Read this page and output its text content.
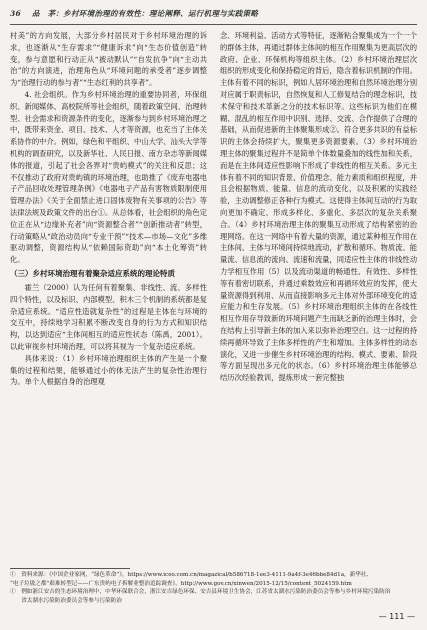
36 品　茅：乡村环境治理的有效性：理论阐释、运行机理与实践策略

村美”的方向发展，大部分乡村居民对于乡村环境治理的诉求，也逐渐从“生存需求”“健康诉求”向“生态价值创造”转变，参与意愿和行动正从“被动默认”“自发抗争”向“主动共治”的方向演进，治理角色从“环境问题的承受者”逐步调整为“治理行动的参与者”“生态红利的共享者”。

4. 社会组织。作为乡村环境治理的重要协同者，环保组织、新闻媒体、高校院所等社会组织，随着政策空间、治理转型、社会需求和资源条件的变化，逐渐参与到乡村环境治理之中，既带来资金、项目、技术、人才等资源，也充当了主体关系协作的中介。例如，绿色和平组织、中山大学、汕头大学等机构的调查研究，以及新华社、人民日报、南方杂志等新闻媒体的报道，引起了社会各界对“贵屿模式”的关注和反思；这不仅推动了政府对贵屿镇的环境治理，也助推了《废弃电器电子产品回收处理管理条例》《电器电子产品有害物质限制使用管理办法》《关于全面禁止进口固体废物有关事项的公告》等法律法规及政策文件的出台①。从总体看，社会组织的角色定位正在从“边缘补充者”向“资源整合者”“创新推动者”转型，行动策略从“政治动员向“专业干预”“技术—市场—文化”多维驱动调整，资源结构从“依赖国际资助”向“本土化筹资”转化。

（三）乡村环境治理有着聚杂适应系统的理论特质

霍兰（2000）认为任何有着聚集、非线性、流、多样性四个特性，以及标识、内部模型、积木三个机制的系统都是复杂适应系统。“适应性造就复杂性”的过程是主体在与环境的交互中，持续地学习积累不断改变自身的行为方式和知识结构，以达到适应“主体间相互的适应性状态（陈禹，2001）。以此审视乡村环境治理，可以将其视为一个复杂适应系统。

具体来说：（1）乡村环境治理组织主体的产生是一个聚集的过程和结果，能够通过小的体无法产生的复杂性治理行为。单个人根据自身的治理观

念、环境利益、活动方式等特征，逐渐粘合聚集成为一个一个的群体主体，再通过群体主体间的相互作用聚集为更高层次的政府、企业、环保机构等组织主体。（2）乡村环境治理层次组织的形成变化和保持稳定的背后，隐含着标识机制的作用。主体有着不同的标识，例如人居环境治理和自然环境治理分别对应属于职责标识，自然恢复和人工修复结合的理念标识，技术保守和技术革新之分的技术标识等。这些标识为他们在模糊、混乱的相互作用中识别、选择、交流、合作提供了合理的基础，从而促进新的主体聚集形成②。符合更多共识的有益标识的主体会持续扩大，聚集更多资源要素。（3）乡村环境治理主体的聚集过程并不是简单个体数量叠加的线性加和关系，而是在主体间适应性影响下形成了非线性的相互关系。多元主体有着不同的知识背景、价值理念、能力素质和组织程度，并且会根据物质、能量、信息的流动变化，以及积累的实践经验，主动调整修正各种行为模式。这使得主体间互动的行为取向更加不确定、形成多样化、多重化、多层次的复杂关系聚合。（4）乡村环境治理主体的聚集互动形成了结构紧密的治理网络。在这一网络中有着大量的资源，通过某种相互作用在主体间、主体与环境间持续地流动，扩散和循环。物质流、能量流、信息流的流向、流速和流量，同适应性主体的非线性动力学相互作用（5）以及流动渠道的畅通性、有效性、多样性等有着密切联系，并通过乘数效应和再循环效应的发挥，使大量资源得到利用、从而直接影响多元主体对外部环境变化的适应能力和生存发展。（5）乡村环境治理组织主体的在各线性相互作用存导致新的环境问题产生而缺乏新的治理主体时，会在结构上引导新主体的加入来以弥补治理空白。这一过程的持续再循环导致了主体多样性的产生和增加。主体多样性的动态演化，又进一步催生乡村环境治理的结构、模式、要素、阶段等方面呈现出多元化的状态。（6）乡村环境治理主体能够总结历次经验教训，提炼形成一套完整独

①　资料来源：《中国企业家网，“绿色革命”》，https://www.iceo.com.cn/magazical/b586718-1ee3-4111-9a4f-3e46bbe84d1a，新华社、
“电子垃圾之都”艰难转型记——广东贵屿电子拆解业整治追踪调查》，http://www.gov.cn/xinwen/2015-12/15/content_5024159.htm
①　例如浙江安吉的生态环境治理中，中华环保联合会，浙江安吉绿色环保、安吉县环境卫生协会，江苏省太湖水污染防治委员会等参与乡村环境污染防治
　　省太湖水污染防治委员会等参与污染防治
— 111 —
